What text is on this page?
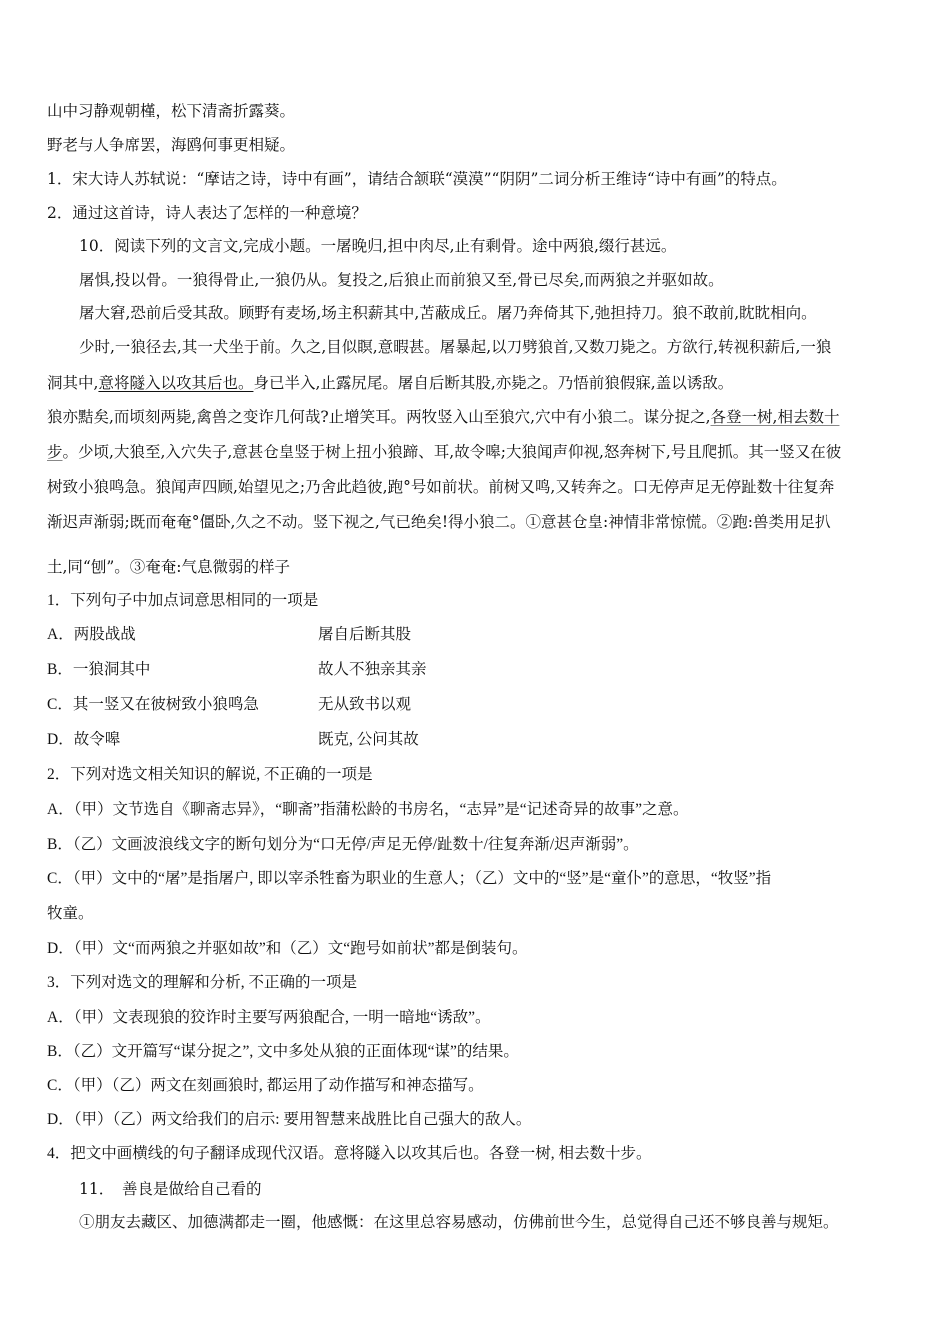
山中习静观朝槿，松下清斋折露葵。
野老与人争席罢，海鸥何事更相疑。
1．宋大诗人苏轼说：“摩诘之诗，诗中有画”，请结合颔联“漠漠”“阴阴”二词分析王维诗“诗中有画”的特点。
2．通过这首诗，诗人表达了怎样的一种意境？
10．阅读下列的文言文,完成小题。一屠晚归,担中肉尽,止有剩骨。途中两狼,缀行甚远。
屠惧,投以骨。一狼得骨止,一狼仍从。复投之,后狼止而前狼又至,骨已尽矣,而两狼之并驱如故。
屠大窘,恐前后受其敌。顾野有麦场,场主积薪其中,苫蔽成丘。屠乃奔倚其下,弛担持刀。狼不敢前,眈眈相向。
少时,一狼径去,其一犬坐于前。久之,目似瞑,意暇甚。屠暴起,以刀劈狼首,又数刀毙之。方欲行,转视积薪后,一狼
洞其中,意将隧入以攻其后也。身已半入,止露尻尾。屠自后断其股,亦毙之。乃悟前狼假寐,盖以诱敌。
狼亦黠矣,而顷刻两毙,禽兽之变诈几何哉?止增笑耳。两牧竖入山至狼穴,穴中有小狼二。谋分捉之,各登一树,相去数十
步。少顷,大狼至,入穴失子,意甚仓皇竖于树上扭小狼蹄、耳,故令嗥;大狼闻声仰视,怒奔树下,号且爬抓。其一竖又在彼
树致小狼鸣急。狼闻声四顾,始望见之;乃舍此趋彼,跑°号如前状。前树又鸣,又转奔之。口无停声足无停趾数十往复奔
渐迟声渐弱;既而奄奄°僵卧,久之不动。竖下视之,气已绝矣!得小狼二。①意甚仓皇:神情非常惊慌。②跑:兽类用足扒
土,同“刨”。③奄奄:气息微弱的样子
1．下列句子中加点词意思相同的一项是
A．两股战战	屠自后断其股
B．一狼洞其中	故人不独亲其亲
C．其一竖又在彼树致小狼鸣急	无从致书以观
D．故令嗥	既克, 公问其故
2．下列对选文相关知识的解说, 不正确的一项是
A．（甲）文节选自《聊斋志异》，“聊斋”指蒲松龄的书房名，“志异”是“记述奇异的故事”之意。
B．（乙）文画波浪线文字的断句划分为“口无停/声足无停/趾数十/往复奔渐/迟声渐弱”。
C．（甲）文中的“屠”是指屠户, 即以宰杀牲畜为职业的生意人；（乙）文中的“竖”是“童仆”的意思，“牧竖”指
牧童。
D．（甲）文“而两狼之并驱如故”和（乙）文“跑号如前状”都是倒装句。
3．下列对选文的理解和分析, 不正确的一项是
A．（甲）文表现狼的狡诈时主要写两狼配合, 一明一暗地“诱敌”。
B．（乙）文开篇写“谋分捉之”, 文中多处从狼的正面体现“谋”的结果。
C．（甲）（乙）两文在刻画狼时, 都运用了动作描写和神态描写。
D．（甲）（乙）两文给我们的启示: 要用智慧来战胜比自己强大的敌人。
4．把文中画横线的句子翻译成现代汉语。意将隧入以攻其后也。各登一树, 相去数十步。
11．　善良是做给自己看的
①朋友去藏区、加德满都走一圈，他感慨：在这里总容易感动，仿佛前世今生，总觉得自己还不够良善与规矩。
